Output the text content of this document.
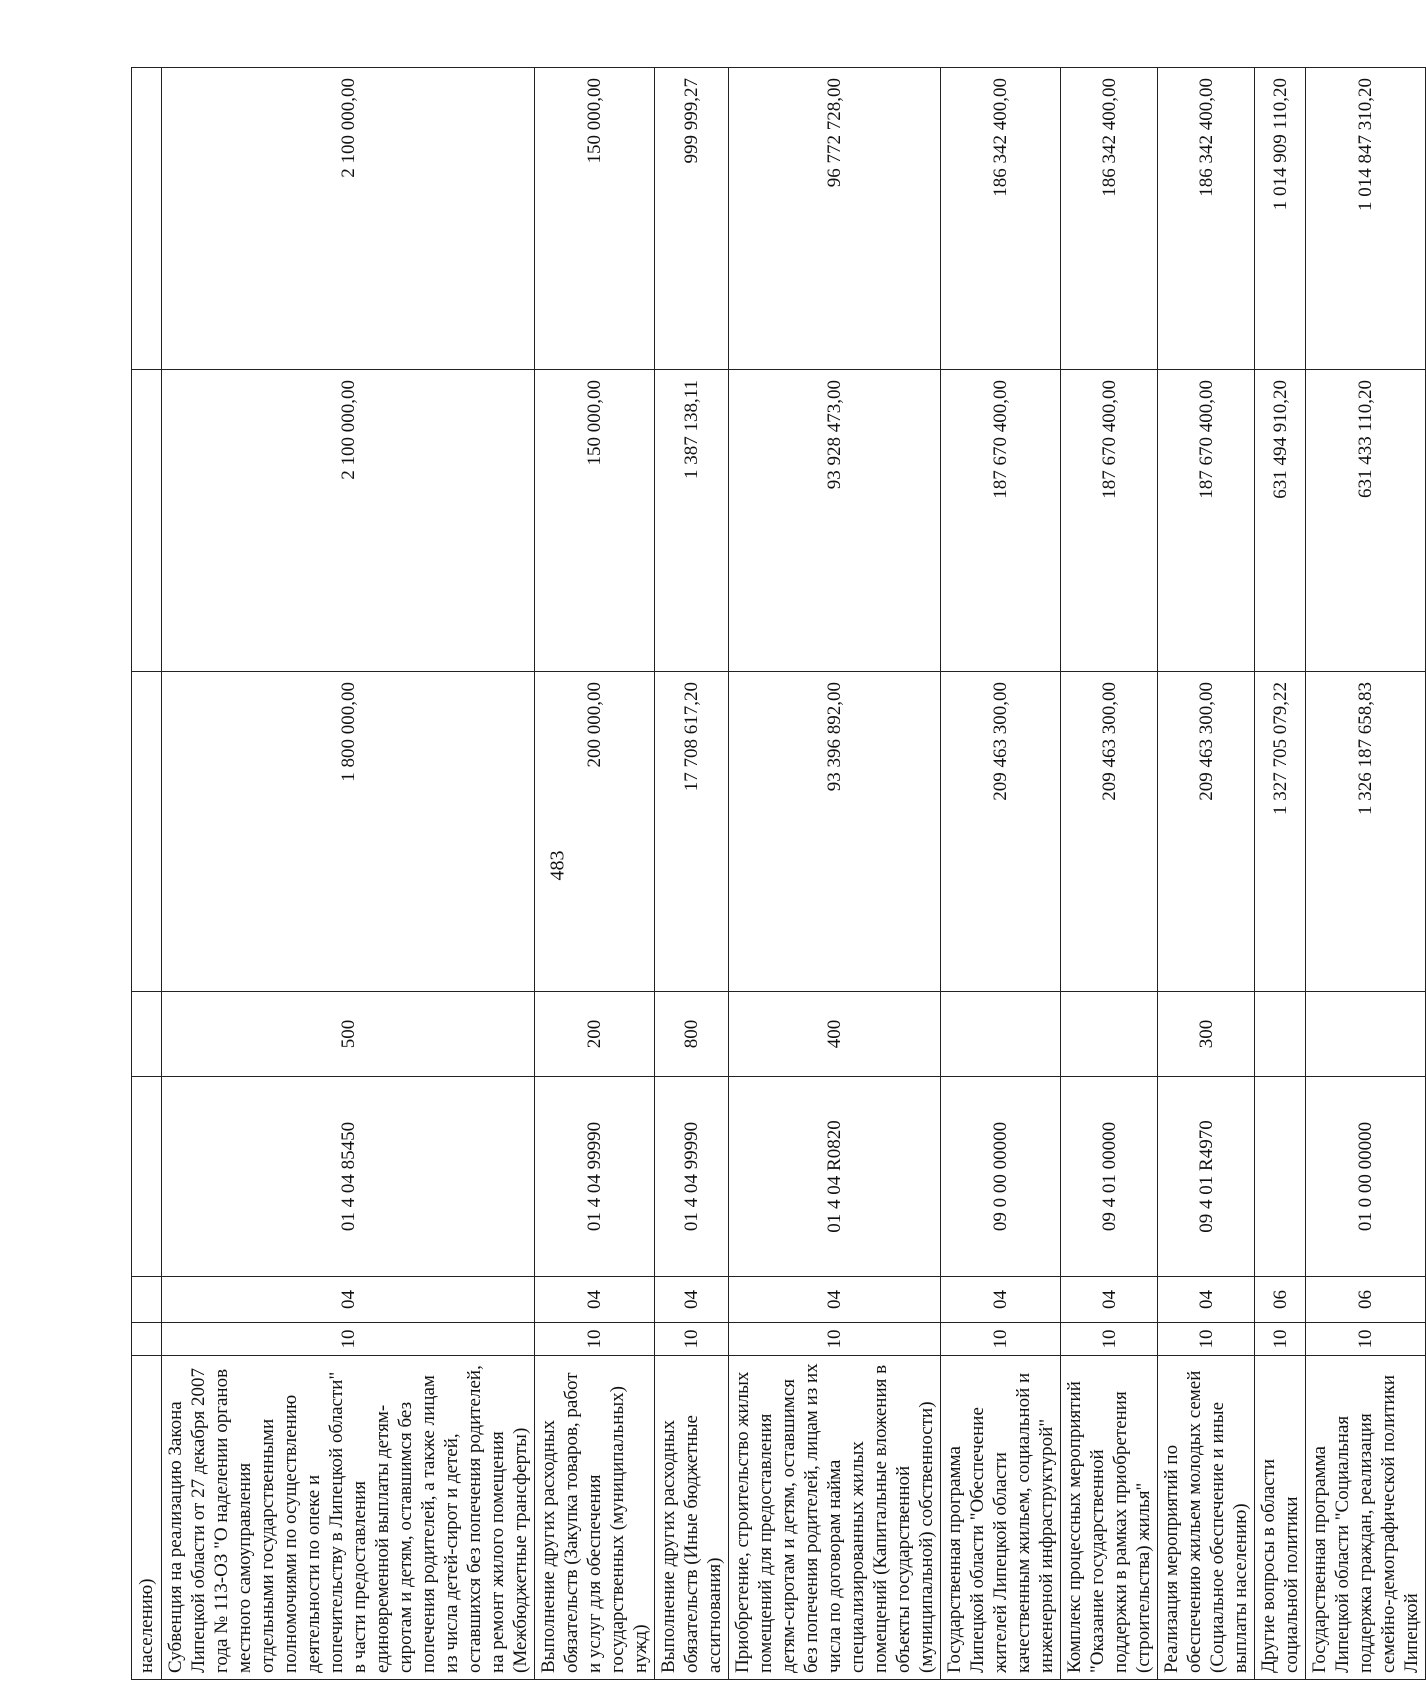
483
населению)							
Субвенция на реализацию Закона Липецкой области от 27 декабря 2007 года № 113-ОЗ "О наделении органов местного самоуправления отдельными государственными полномочиями по осуществлению деятельности по опеке и попечительству в Липецкой области" в части предоставления единовременной выплаты детям-сиротам и детям, оставшимся без попечения родителей, а также лицам из числа детей-сирот и детей, оставшихся без попечения родителей, на ремонт жилого помещения (Межбюджетные трансферты)	10	04	01 4 04 85450	500	1 800 000,00	2 100 000,00	2 100 000,00
Выполнение других расходных обязательств (Закупка товаров, работ и услуг для обеспечения государственных (муниципальных) нужд)	10	04	01 4 04 99990	200	200 000,00	150 000,00	150 000,00
Выполнение других расходных обязательств (Иные бюджетные ассигнования)	10	04	01 4 04 99990	800	17 708 617,20	1 387 138,11	999 999,27
Приобретение, строительство жилых помещений для предоставления детям-сиротам и детям, оставшимся без попечения родителей, лицам из их числа по договорам найма специализированных жилых помещений (Капитальные вложения в объекты государственной (муниципальной) собственности)	10	04	01 4 04 R0820	400	93 396 892,00	93 928 473,00	96 772 728,00
Государственная программа Липецкой области "Обеспечение жителей Липецкой области качественным жильем, социальной и инженерной инфраструктурой"	10	04	09 0 00 00000		209 463 300,00	187 670 400,00	186 342 400,00
Комплекс процессных мероприятий "Оказание государственной поддержки в рамках приобретения (строительства) жилья"	10	04	09 4 01 00000		209 463 300,00	187 670 400,00	186 342 400,00
Реализация мероприятий по обеспечению жильем молодых семей (Социальное обеспечение и иные выплаты населению)	10	04	09 4 01 R4970	300	209 463 300,00	187 670 400,00	186 342 400,00
Другие вопросы в области социальной политики	10	06			1 327 705 079,22	631 494 910,20	1 014 909 110,20
Государственная программа Липецкой области "Социальная поддержка граждан, реализация семейно-демографической политики Липецкой	10	06	01 0 00 00000		1 326 187 658,83	631 433 110,20	1 014 847 310,20
